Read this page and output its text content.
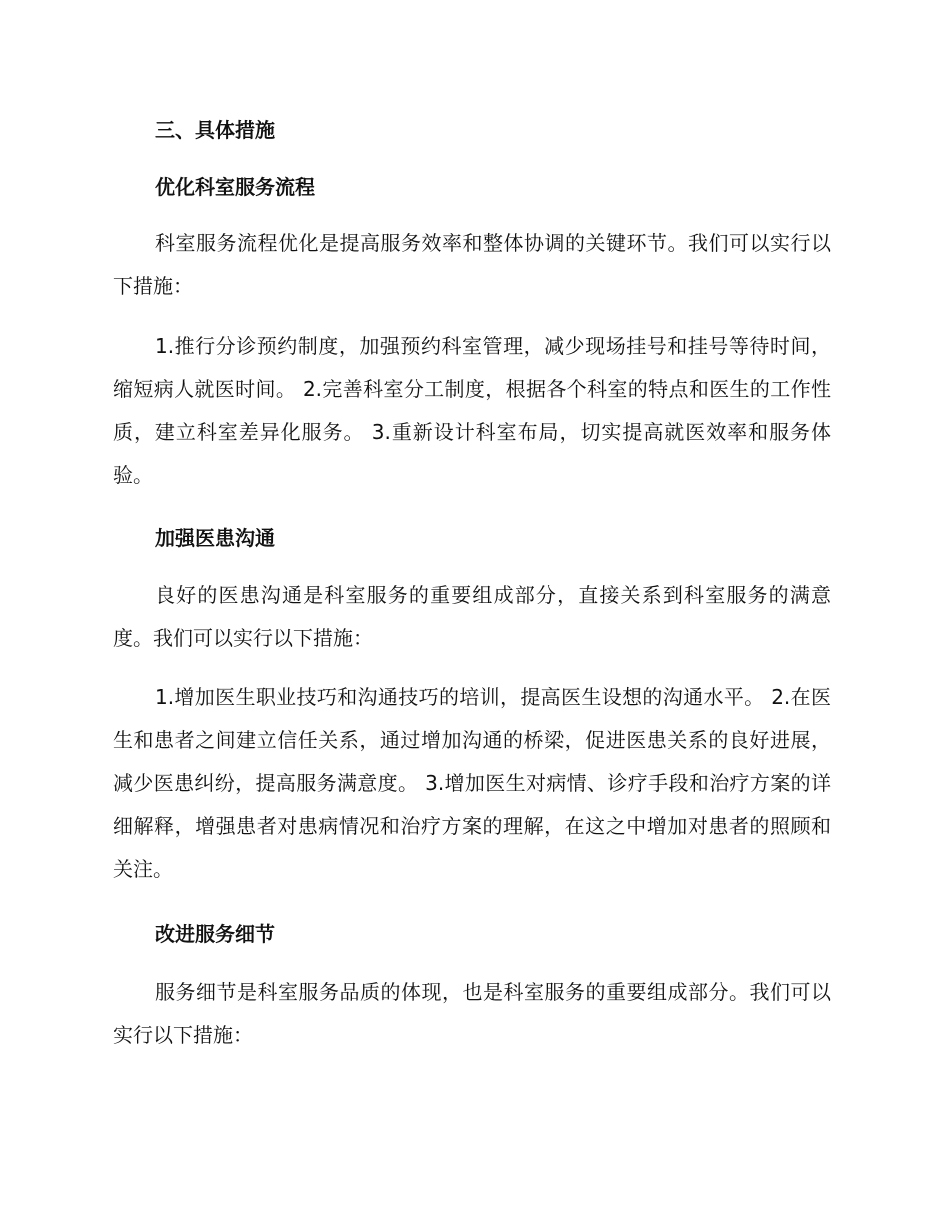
三、具体措施
优化科室服务流程

科室服务流程优化是提高服务效率和整体协调的关键环节。我们可以实行以下措施：

1.推行分诊预约制度，加强预约科室管理，减少现场挂号和挂号等待时间，缩短病人就医时间。 2.完善科室分工制度，根据各个科室的特点和医生的工作性质，建立科室差异化服务。 3.重新设计科室布局，切实提高就医效率和服务体验。

加强医患沟通

良好的医患沟通是科室服务的重要组成部分，直接关系到科室服务的满意度。我们可以实行以下措施：

1.增加医生职业技巧和沟通技巧的培训，提高医生设想的沟通水平。 2.在医生和患者之间建立信任关系，通过增加沟通的桥梁，促进医患关系的良好进展，减少医患纠纷，提高服务满意度。 3.增加医生对病情、诊疗手段和治疗方案的详细解释，增强患者对患病情况和治疗方案的理解，在这之中增加对患者的照顾和关注。

改进服务细节

服务细节是科室服务品质的体现，也是科室服务的重要组成部分。我们可以实行以下措施：
